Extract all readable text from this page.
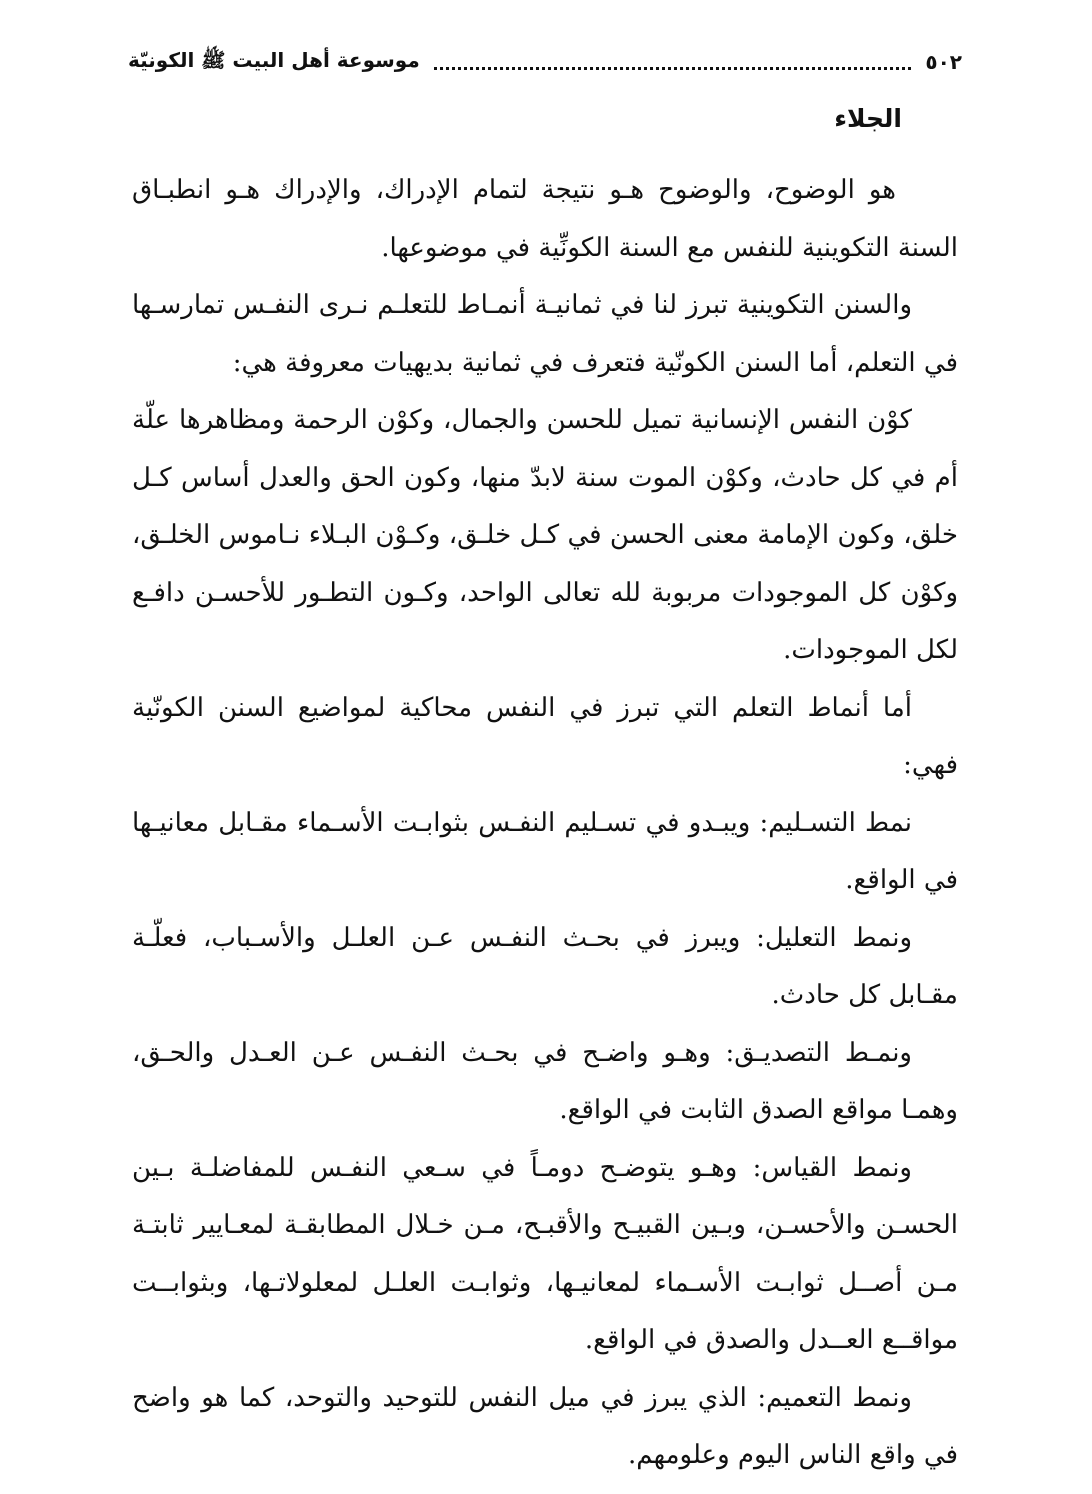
٥٠٢
موسوعة أهل البيت ﷺ الكونيّة
الجلاء

هو الوضوح، والوضوح هـو نتيجة لتمام الإدراك، والإدراك هـو انطبـاق السنة التكوينية للنفس مع السنة الكونِّية في موضوعها.

والسنن التكوينية تبرز لنا في ثمانيـة أنمـاط للتعلـم نـرى النفـس تمارسـها في التعلم، أما السنن الكونّية فتعرف في ثمانية بديهيات معروفة هي:

كوْن النفس الإنسانية تميل للحسن والجمال، وكوْن الرحمة ومظاهرها علّة أم في كل حادث، وكوْن الموت سنة لابدّ منها، وكون الحق والعدل أساس كـل خلق، وكون الإمامة معنى الحسن في كـل خلـق، وكـوْن البـلاء نـاموس الخلـق، وكوْن كل الموجودات مربوبة لله تعالى الواحد، وكـون التطـور للأحسـن دافـع لكل الموجودات.

أما أنماط التعلم التي تبرز في النفس محاكية لمواضيع السنن الكونّية فهي:

نمط التسـليم: ويبـدو في تسـليم النفـس بثوابـت الأسـماء مقـابل معانيـها في الواقع.

ونمط التعليل: ويبرز في بحـث النفـس عـن العلـل والأسـباب، فعلّـة مقـابل كل حادث.

ونمـط التصديـق: وهـو واضـح في بحـث النفـس عـن العـدل والحـق، وهمـا مواقع الصدق الثابت في الواقع.

ونمط القياس: وهـو يتوضـح دومـاً في سـعي النفـس للمفاضلـة بـين الحسـن والأحسـن، وبـين القبيـح والأقبـح، مـن خـلال المطابقـة لمعـايير ثابتـة مـن أصــل ثوابـت الأسـماء لمعانيـها، وثوابـت العلـل لمعلولاتـها، وبثوابــت مواقــع العــدل والصدق في الواقع.

ونمط التعميم: الذي يبرز في ميل النفس للتوحيد والتوحد، كما هو واضح في واقع الناس اليوم وعلومهم.
